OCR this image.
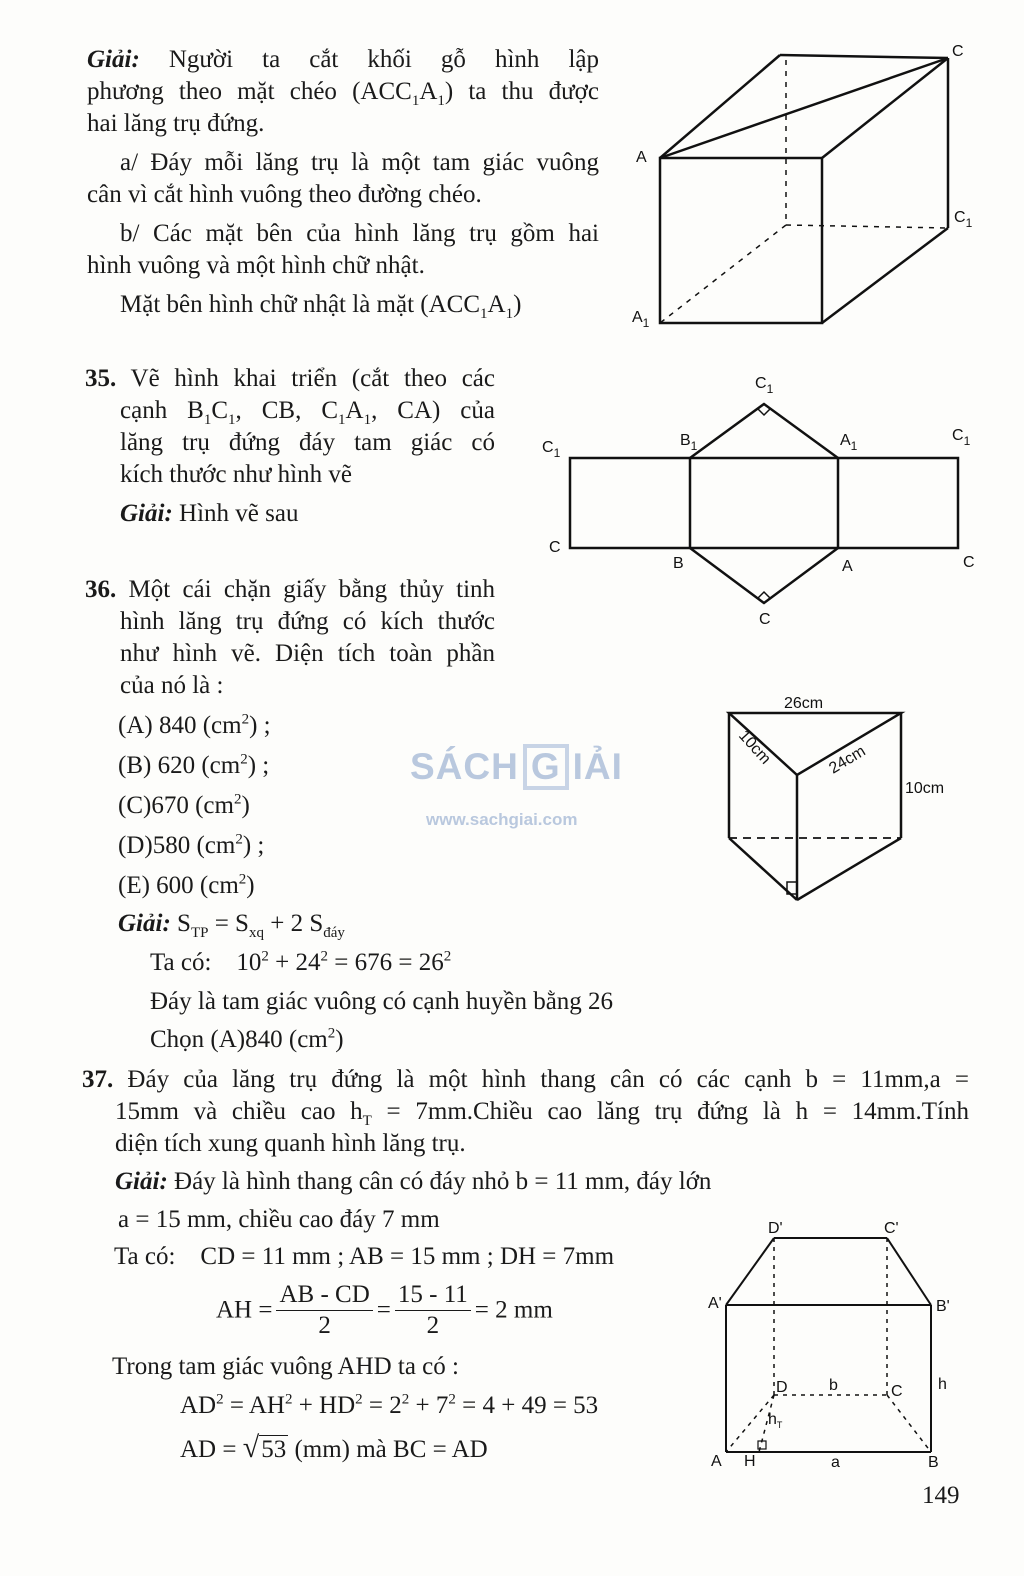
SÁCH G IẢI
www.sachgiai.com
Giải: Người ta cắt khối gỗ hình lập
phương theo mặt chéo $(ACC_1A_1)$ ta thu được
hai lăng trụ đứng.
a/ Đáy mỗi lăng trụ là một tam giác vuông
cân vì cắt hình vuông theo đường chéo.
b/ Các mặt bên của hình lăng trụ gồm hai
hình vuông và một hình chữ nhật.
Mặt bên hình chữ nhật là mặt $(ACC_1A_1)$
C
A
$C_1$
$A_1$
35. Vẽ hình khai triển (cắt theo các
cạnh $B_1C_1$, CB, $C_1A_1$, CA) của
lăng trụ đứng đáy tam giác có
kích thước như hình vẽ
Giải: Hình vẽ sau
$C_1$
$C_1$
$B_1$	$A_1$
$C_1$
C
B	A	C
C
36. Một cái chặn giấy bằng thủy tinh
hình lăng trụ đứng có kích thước
như hình vẽ. Diện tích toàn phần
của nó là :
(A) 840 $(cm^2)$ ;
(B) 620 $(cm^2)$ ;
(C)670 $(cm^2)$
(D)580 $(cm^2)$ ;
(E) 600 $(cm^2)$
Giải: $S_{TP} = S_{xq} + 2$ $S_{đáy}$
Ta có: $10^2 + 24^2 = 676 = 26^2$
Đáy là tam giác vuông có cạnh huyền bằng 26
Chọn (A)840 $(cm^2)$
26cm
10cm	24cm
10cm
37. Đáy của lăng trụ đứng là một hình thang cân có các cạnh b = 11mm,a =
15mm và chiều cao $h_T$ = 7mm.Chiều cao lăng trụ đứng là h = 14mm.Tính
diện tích xung quanh hình lăng trụ.
Giải: Đáy là hình thang cân có đáy nhỏ b = 11 mm, đáy lớn
a = 15 mm, chiều cao đáy 7 mm
Ta có: CD = 11 mm ; AB = 15 mm ; DH = 7mm
AH = $\frac{AB - CD}{2} = \frac{15 - 11}{2} = 2$ mm
Trong tam giác vuông AHD ta có :
$AD^2 = AH^2 + HD^2 = 2^2 + 7^2 = 4 + 49 = 53$
AD = √53 (mm) mà BC = AD
D'	C'
A'	B'
D	b	C h
$h_T$
A H	a	B
149
